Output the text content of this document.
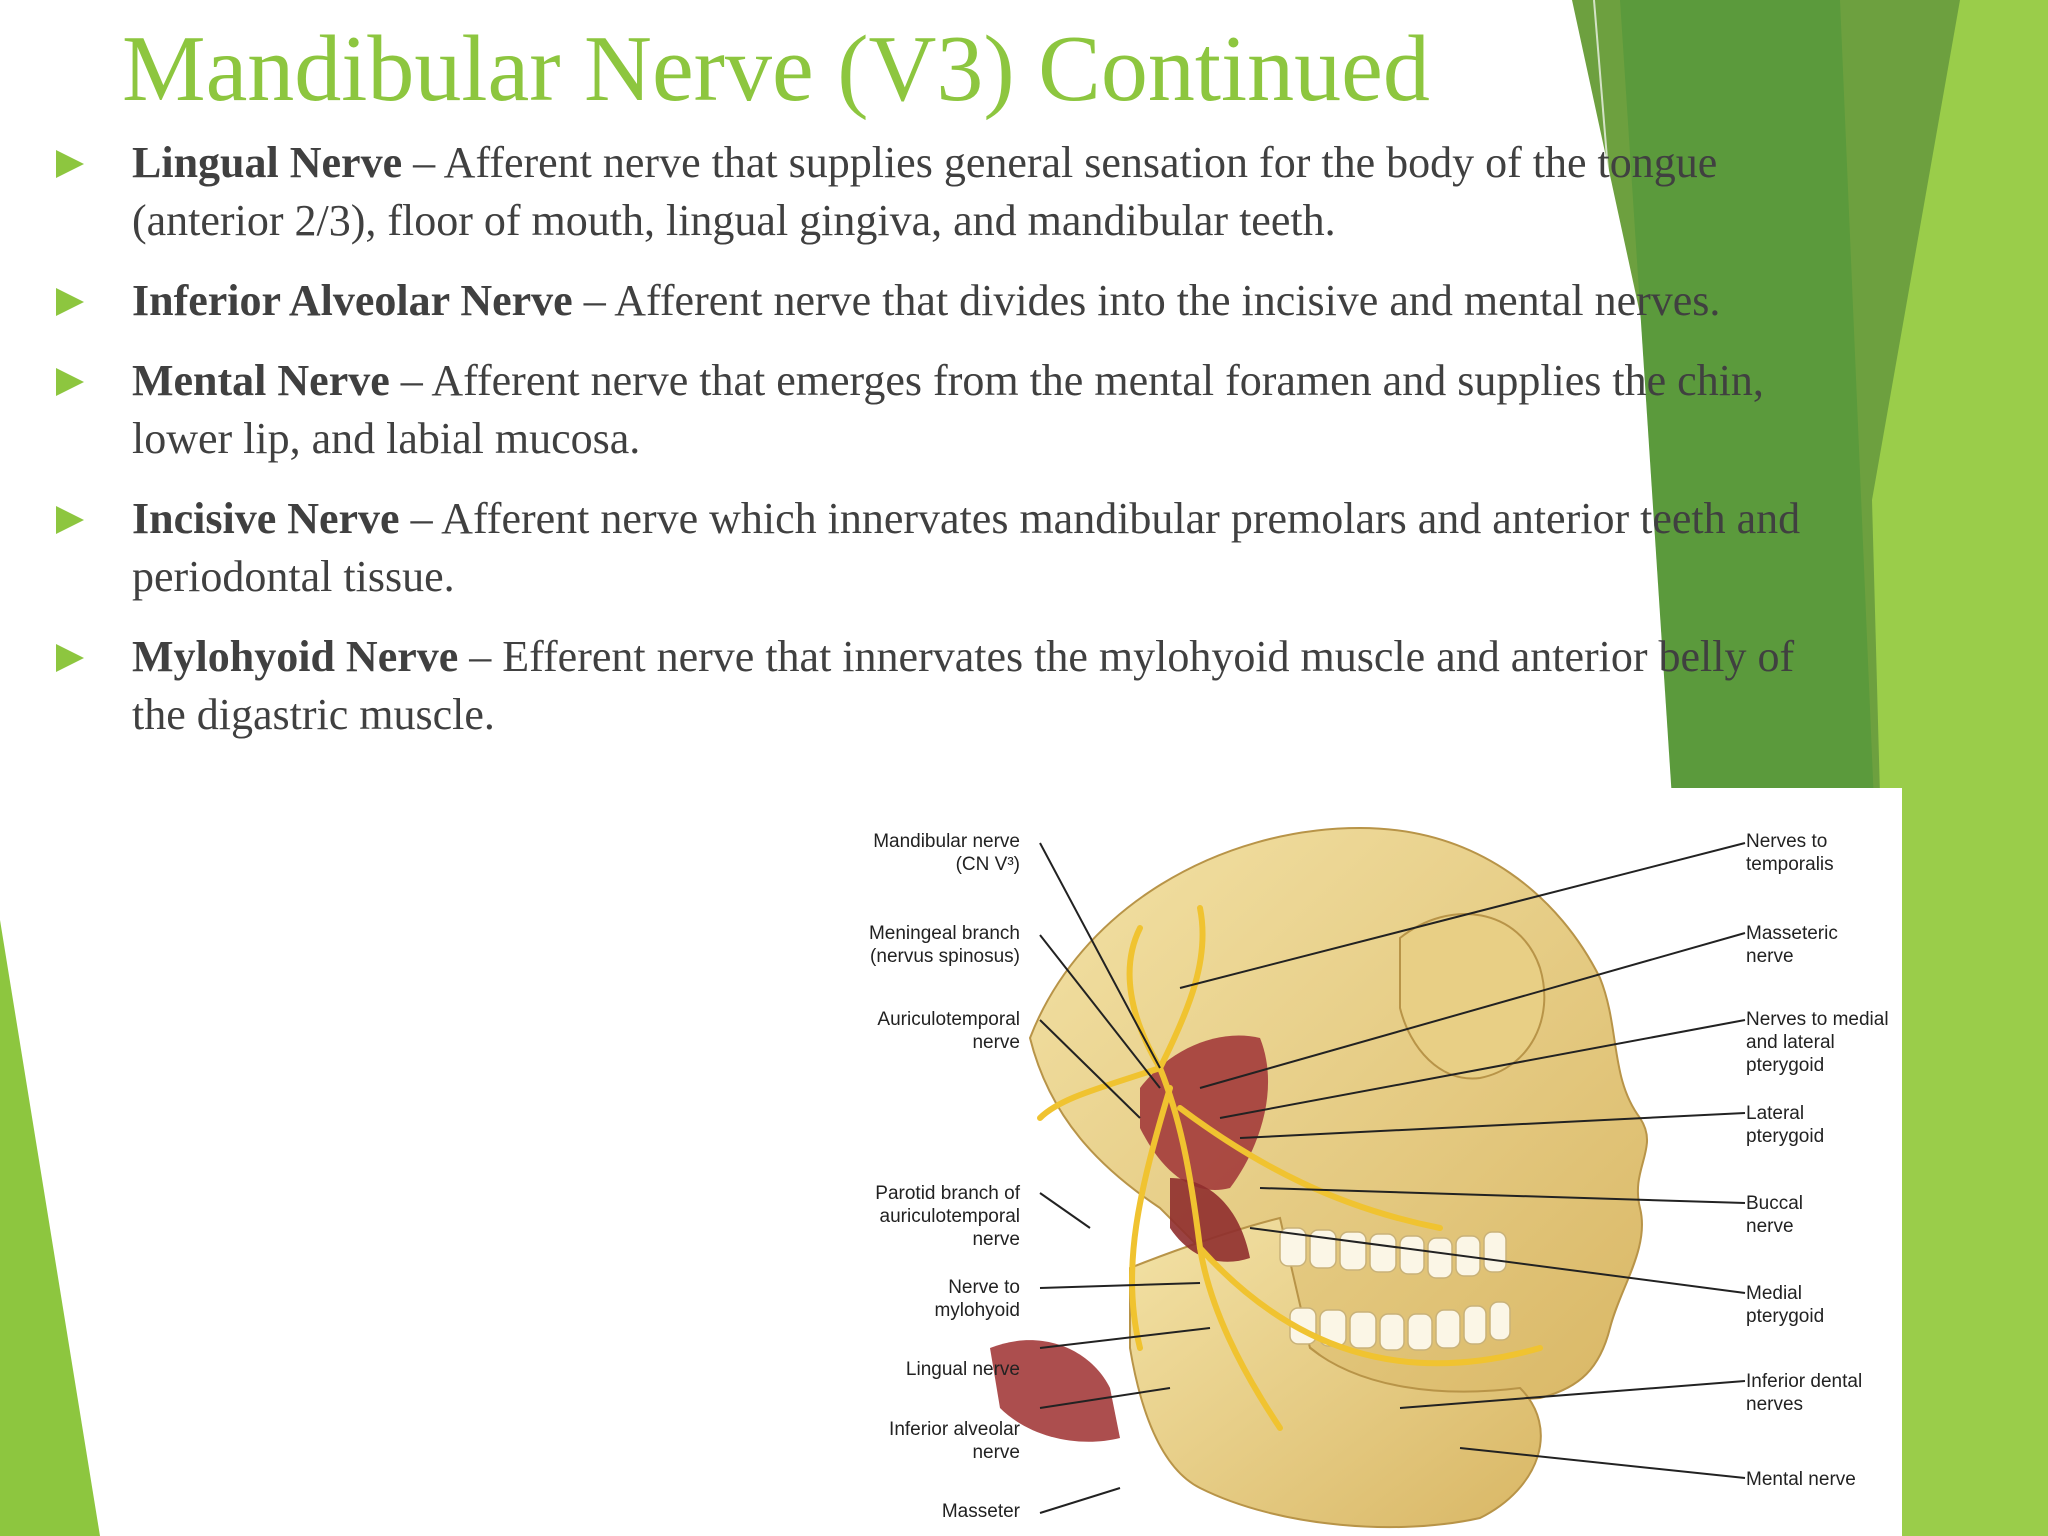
Mandibular Nerve (V3) Continued
Lingual Nerve – Afferent nerve that supplies general sensation for the body of the tongue (anterior 2/3), floor of mouth, lingual gingiva, and mandibular teeth.
Inferior Alveolar Nerve – Afferent nerve that divides into the incisive and mental nerves.
Mental Nerve – Afferent nerve that emerges from the mental foramen and supplies the chin, lower lip, and labial mucosa.
Incisive Nerve – Afferent nerve which innervates mandibular premolars and anterior teeth and periodontal tissue.
Mylohyoid Nerve – Efferent nerve that innervates the mylohyoid muscle and anterior belly of the digastric muscle.
Mandibular nerve
(CN V³)
Meningeal branch
(nervus spinosus)
Auriculotemporal
nerve
Parotid branch of
auriculotemporal
nerve
Nerve to
mylohyoid
Lingual nerve
Inferior alveolar
nerve
Masseter
Nerves to
temporalis
Masseteric
nerve
Nerves to medial
and lateral
pterygoid
Lateral
pterygoid
Buccal
nerve
Medial
pterygoid
Inferior dental
nerves
Mental nerve
